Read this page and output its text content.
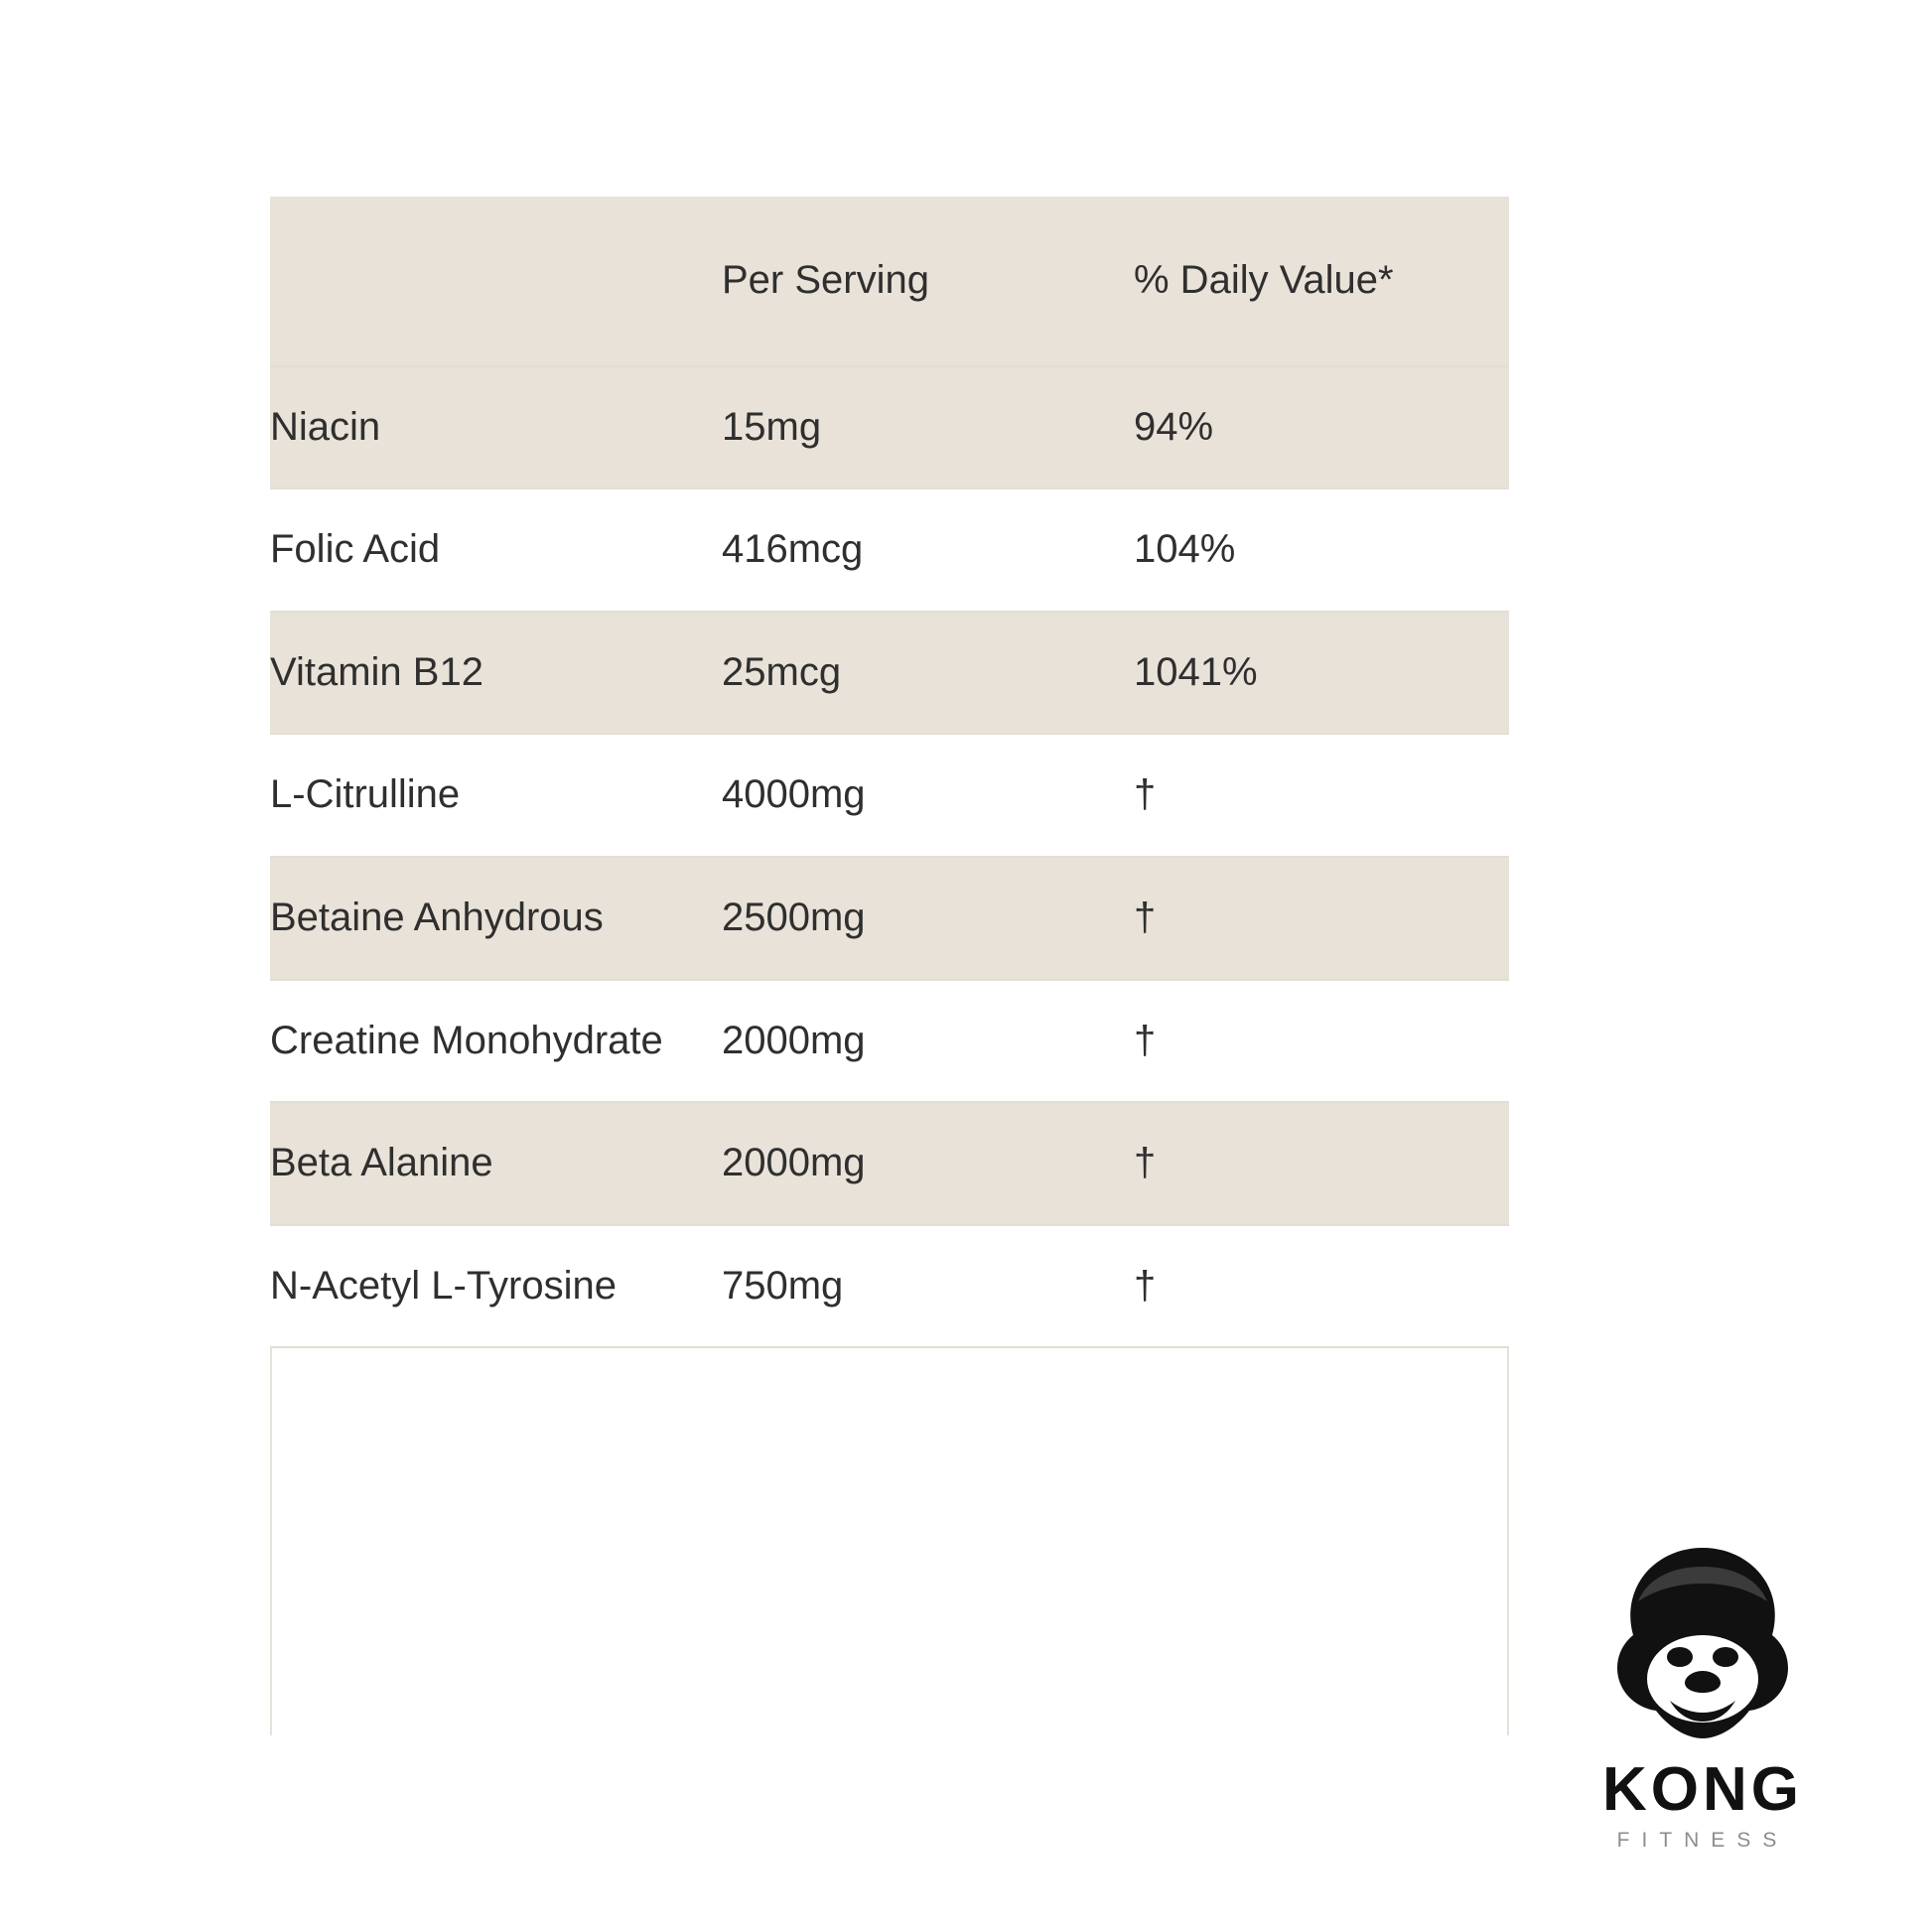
	Per Serving	% Daily Value*
Niacin	15mg	94%
Folic Acid	416mcg	104%
Vitamin B12	25mcg	1041%
L-Citrulline	4000mg	†
Betaine Anhydrous	2500mg	†
Creatine Monohydrate	2000mg	†
Beta Alanine	2000mg	†
N-Acetyl L-Tyrosine	750mg	†
KONG
FITNESS
